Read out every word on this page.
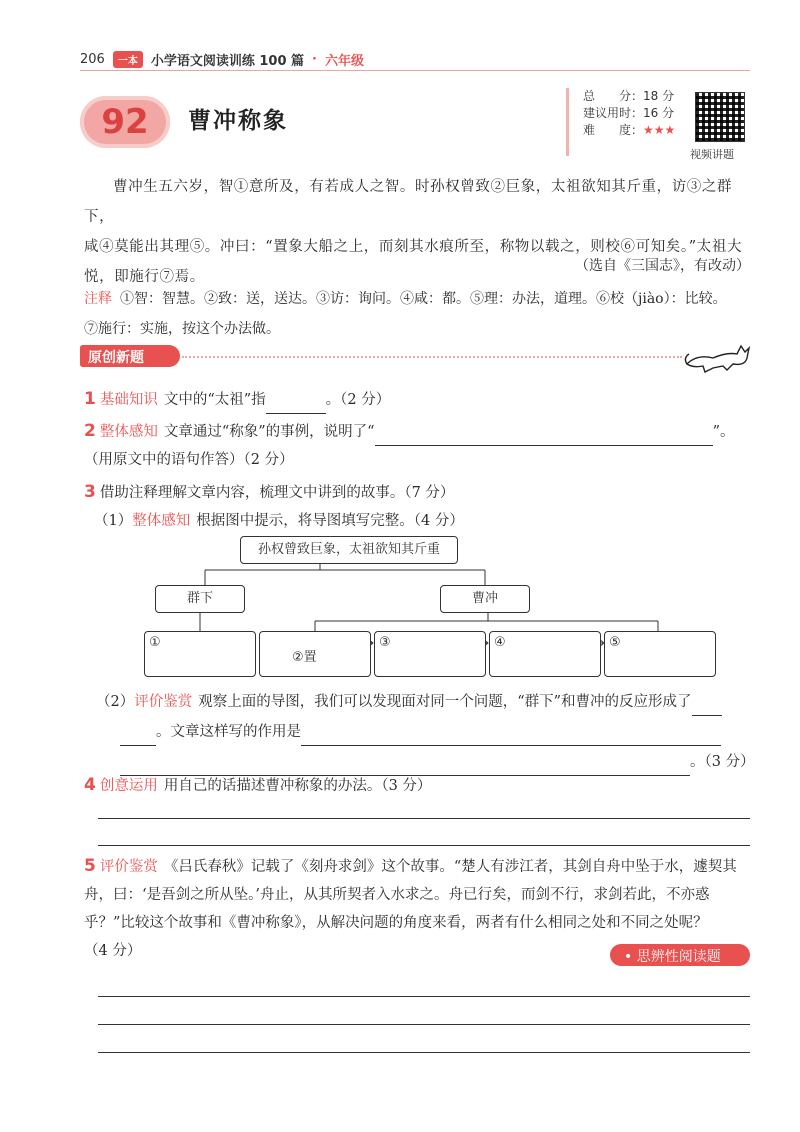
206	一本	小学语文阅读训练 100 篇 · 六年级
92	曹冲称象
总　　分：18 分
建议用时：16 分
难　　度：★★★
视频讲题
曹冲生五六岁，智①意所及，有若成人之智。时孙权曾致②巨象，太祖欲知其斤重，访③之群下，
咸④莫能出其理⑤。冲曰：“置象大船之上，而刻其水痕所至，称物以载之，则校⑥可知矣。”太祖大
悦，即施行⑦焉。
（选自《三国志》，有改动）
注释 ①智：智慧。②致：送，送达。③访：询问。④咸：都。⑤理：办法，道理。⑥校（jiào）：比较。
⑦施行：实施，按这个办法做。
原创新题
1 基础知识 文中的“太祖”指	。（2 分）
2 整体感知 文章通过“称象”的事例，说明了“	”。
（用原文中的语句作答）（2 分）
3 借助注释理解文章内容，梳理文中讲到的故事。（7 分）
（1）整体感知 根据图中提示，将导图填写完整。（4 分）
孙权曾致巨象，太祖欲知其斤重
群下	曹冲
①
②置
③	④	⑤
（2）评价鉴赏 观察上面的导图，我们可以发现面对同一个问题，“群下”和曹冲的反应形成了
。文章这样写的作用是
。（3 分）
4 创意运用 用自己的话描述曹冲称象的办法。（3 分）
5 评价鉴赏 《吕氏春秋》记载了《刻舟求剑》这个故事。“楚人有涉江者，其剑自舟中坠于水，遽契其
舟，曰：‘是吾剑之所从坠。’舟止，从其所契者入水求之。舟已行矣，而剑不行，求剑若此，不亦惑
乎？”比较这个故事和《曹冲称象》，从解决问题的角度来看，两者有什么相同之处和不同之处呢？
（4 分）	• 思辨性阅读题
